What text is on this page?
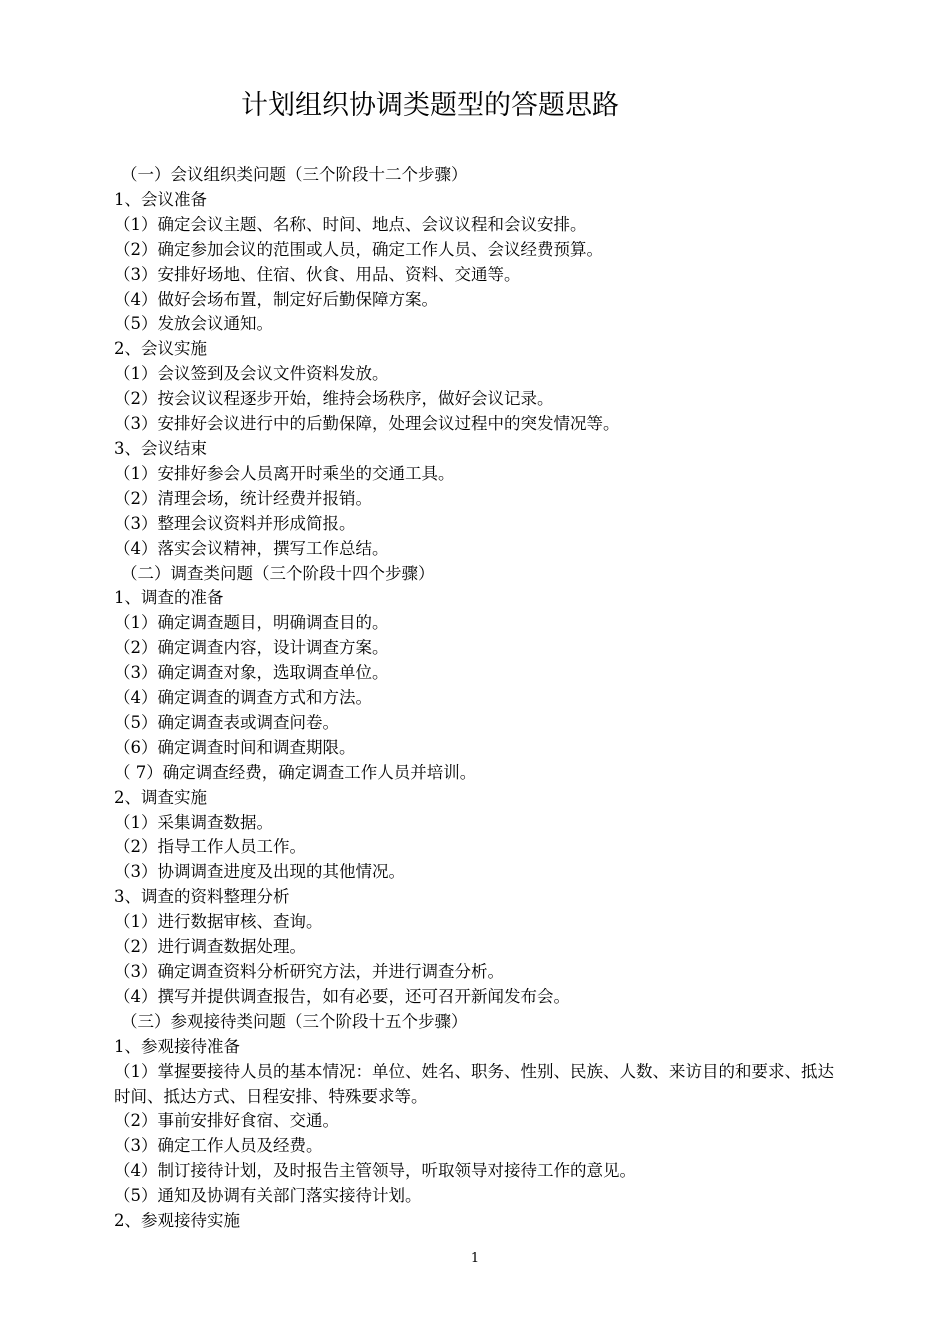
计划组织协调类题型的答题思路

（一）会议组织类问题（三个阶段十二个步骤）

1、会议准备

（1）确定会议主题、名称、时间、地点、会议议程和会议安排。

（2）确定参加会议的范围或人员，确定工作人员、会议经费预算。

（3）安排好场地、住宿、伙食、用品、资料、交通等。

（4）做好会场布置，制定好后勤保障方案。

（5）发放会议通知。

2、会议实施

（1）会议签到及会议文件资料发放。

（2）按会议议程逐步开始，维持会场秩序，做好会议记录。

（3）安排好会议进行中的后勤保障，处理会议过程中的突发情况等。

3、会议结束

（1）安排好参会人员离开时乘坐的交通工具。

（2）清理会场，统计经费并报销。

（3）整理会议资料并形成简报。

（4）落实会议精神，撰写工作总结。

（二）调查类问题（三个阶段十四个步骤）

1、调查的准备

（1）确定调查题目，明确调查目的。

（2）确定调查内容，设计调查方案。

（3）确定调查对象，选取调查单位。

（4）确定调查的调查方式和方法。

（5）确定调查表或调查问卷。

（6）确定调查时间和调查期限。

（ 7）确定调查经费，确定调查工作人员并培训。

2、调查实施

（1）采集调查数据。

（2）指导工作人员工作。

（3）协调调查进度及出现的其他情况。

3、调查的资料整理分析

（1）进行数据审核、查询。

（2）进行调查数据处理。

（3）确定调查资料分析研究方法，并进行调查分析。

（4）撰写并提供调查报告，如有必要，还可召开新闻发布会。

（三）参观接待类问题（三个阶段十五个步骤）

1、参观接待准备

（1）掌握要接待人员的基本情况：单位、姓名、职务、性别、民族、人数、来访目的和要求、抵达时间、抵达方式、日程安排、特殊要求等。

（2）事前安排好食宿、交通。

（3）确定工作人员及经费。

（4）制订接待计划，及时报告主管领导，听取领导对接待工作的意见。

（5）通知及协调有关部门落实接待计划。

2、参观接待实施

1
